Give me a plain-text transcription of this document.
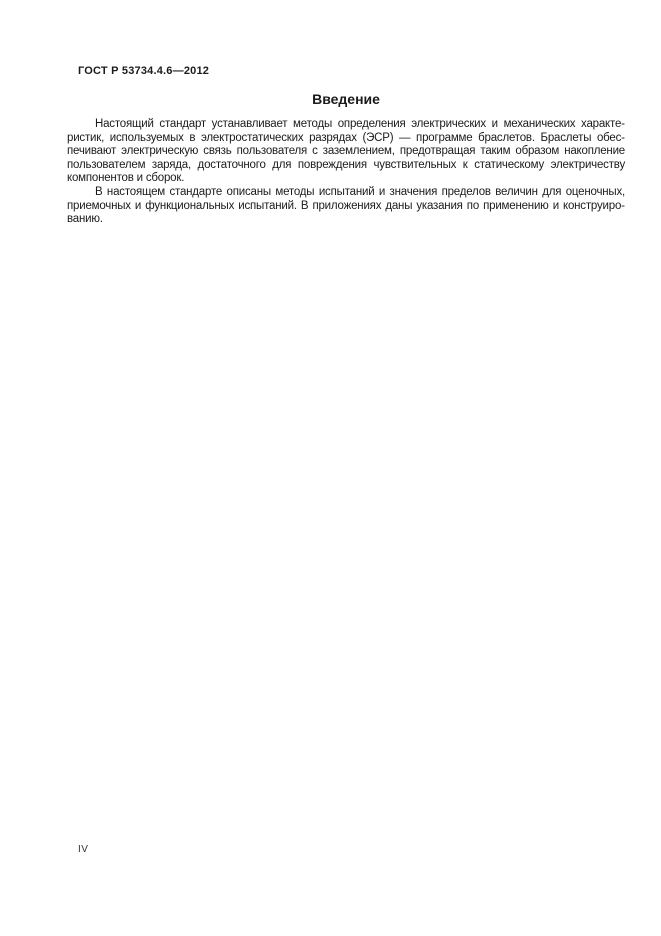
ГОСТ Р 53734.4.6—2012
Введение

Настоящий стандарт устанавливает методы определения электрических и механических характеристик, используемых в электростатических разрядах (ЭСР) — программе браслетов. Браслеты обеспечивают электрическую связь пользователя с заземлением, предотвращая таким образом накопление пользователем заряда, достаточного для повреждения чувствительных к статическому электричеству компонентов и сборок.

В настоящем стандарте описаны методы испытаний и значения пределов величин для оценочных, приемочных и функциональных испытаний. В приложениях даны указания по применению и конструированию.

IV
